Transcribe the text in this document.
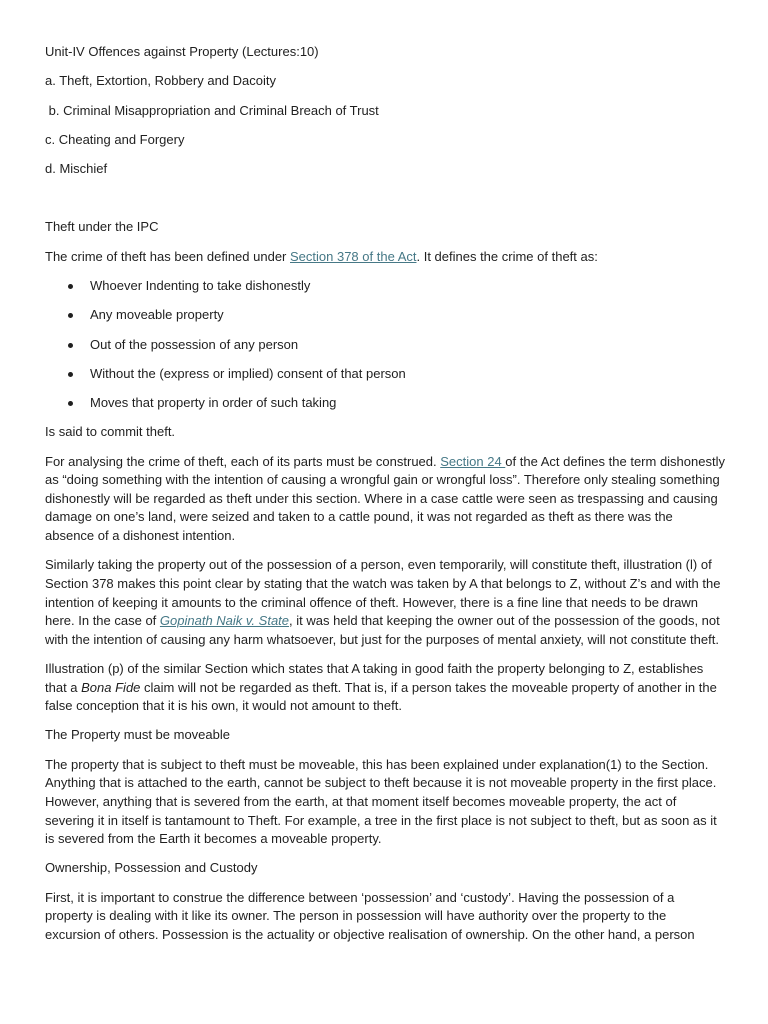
Unit-IV Offences against Property (Lectures:10)

a. Theft, Extortion, Robbery and Dacoity

b. Criminal Misappropriation and Criminal Breach of Trust

c. Cheating and Forgery

d. Mischief

Theft under the IPC

The crime of theft has been defined under Section 378 of the Act. It defines the crime of theft as:

Whoever Indenting to take dishonestly
Any moveable property
Out of the possession of any person
Without the (express or implied) consent of that person
Moves that property in order of such taking

Is said to commit theft.

For analysing the crime of theft, each of its parts must be construed. Section 24 of the Act defines the term dishonestly as “doing something with the intention of causing a wrongful gain or wrongful loss”. Therefore only stealing something dishonestly will be regarded as theft under this section. Where in a case cattle were seen as trespassing and causing damage on one’s land, were seized and taken to a cattle pound, it was not regarded as theft as there was the absence of a dishonest intention.

Similarly taking the property out of the possession of a person, even temporarily, will constitute theft, illustration (l) of Section 378 makes this point clear by stating that the watch was taken by A that belongs to Z, without Z’s and with the intention of keeping it amounts to the criminal offence of theft. However, there is a fine line that needs to be drawn here. In the case of Gopinath Naik v. State, it was held that keeping the owner out of the possession of the goods, not with the intention of causing any harm whatsoever, but just for the purposes of mental anxiety, will not constitute theft.

Illustration (p) of the similar Section which states that A taking in good faith the property belonging to Z, establishes that a Bona Fide claim will not be regarded as theft. That is, if a person takes the moveable property of another in the false conception that it is his own, it would not amount to theft.

The Property must be moveable

The property that is subject to theft must be moveable, this has been explained under explanation(1) to the Section. Anything that is attached to the earth, cannot be subject to theft because it is not moveable property in the first place. However, anything that is severed from the earth, at that moment itself becomes moveable property, the act of severing it in itself is tantamount to Theft. For example, a tree in the first place is not subject to theft, but as soon as it is severed from the Earth it becomes a moveable property.

Ownership, Possession and Custody

First, it is important to construe the difference between ‘possession’ and ‘custody’. Having the possession of a property is dealing with it like its owner. The person in possession will have authority over the property to the excursion of others. Possession is the actuality or objective realisation of ownership. On the other hand, a person
